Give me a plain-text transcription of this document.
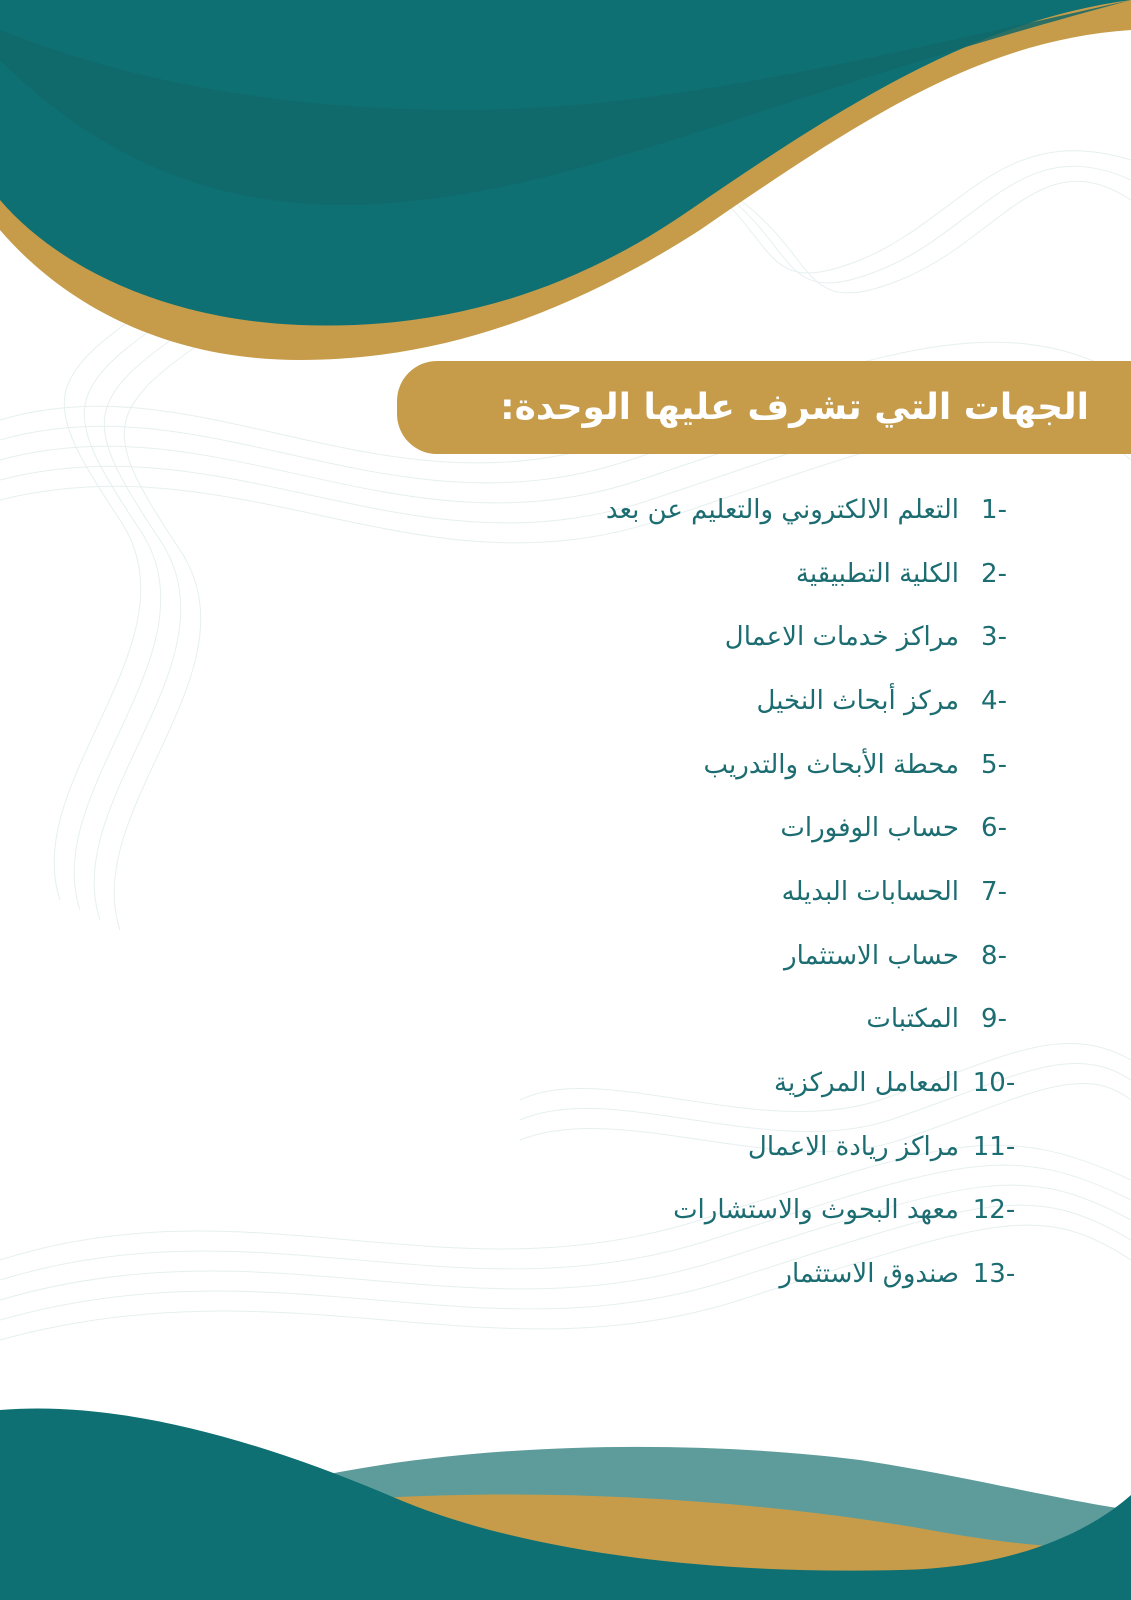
الجهات التي تشرف عليها الوحدة:
1-
التعلم الالكتروني والتعليم عن بعد
2-
الكلية التطبيقية
3-
مراكز خدمات الاعمال
4-
مركز أبحاث النخيل
5-
محطة الأبحاث والتدريب
6-
حساب الوفورات
7-
الحسابات البديله
8-
حساب الاستثمار
9-
المكتبات
10-
المعامل المركزية
11-
مراكز ريادة الاعمال
12-
معهد البحوث والاستشارات
13-
صندوق الاستثمار
